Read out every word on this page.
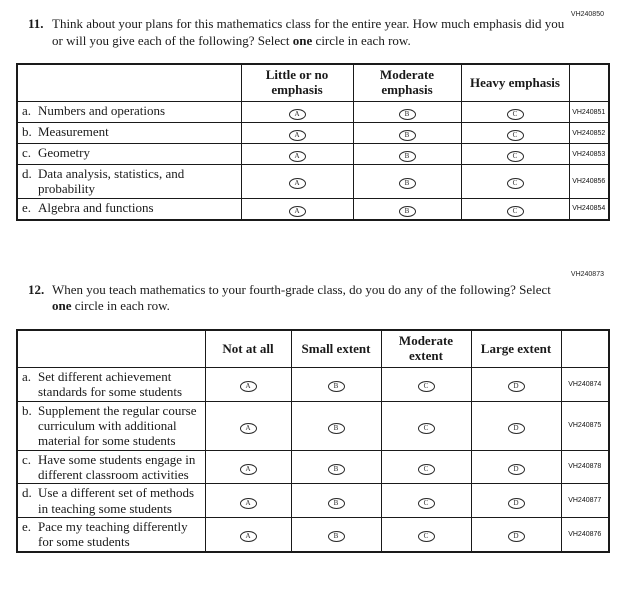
VH240850
11. Think about your plans for this mathematics class for the entire year. How much emphasis did you or will you give each of the following? Select one circle in each row.
	Little or no emphasis	Moderate emphasis	Heavy emphasis	

a. Numbers and operations	A	B	C	VH240851

b. Measurement	A	B	C	VH240852

c. Geometry	A	B	C	VH240853

d. Data analysis, statistics, and probability	A	B	C	VH240856

e. Algebra and functions	A	B	C	VH240854
VH240873
12. When you teach mathematics to your fourth-grade class, do you do any of the following? Select one circle in each row.
	Not at all	Small extent	Moderate extent	Large extent	

a. Set different achievement standards for some students	A	B	C	D	VH240874

b. Supplement the regular course curriculum with additional material for some students	A	B	C	D	VH240875

c. Have some students engage in different classroom activities	A	B	C	D	VH240878

d. Use a different set of methods in teaching some students	A	B	C	D	VH240877

e. Pace my teaching differently for some students	A	B	C	D	VH240876
